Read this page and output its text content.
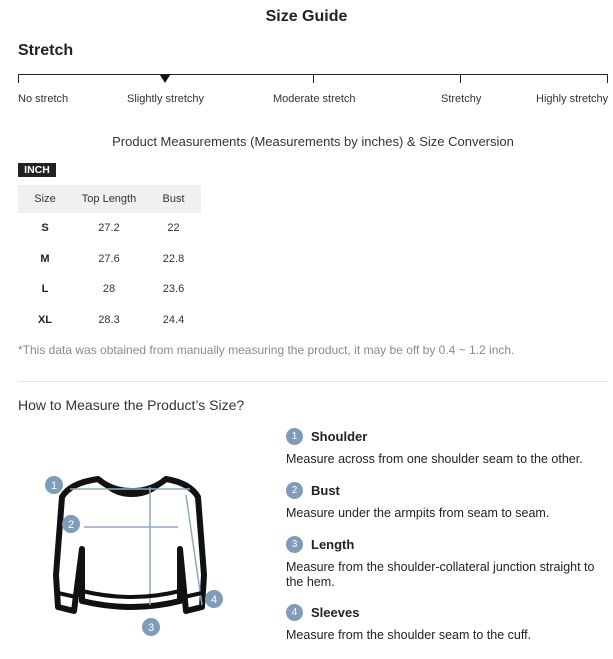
Size Guide
Stretch
No stretch	Slightly stretchy	Moderate stretch	Stretchy	Highly stretchy
Product Measurements (Measurements by inches) & Size Conversion
INCH
Size	Top Length	Bust
S	27.2	22
M	27.6	22.8
L	28	23.6
XL	28.3	24.4
*This data was obtained from manually measuring the product, it may be off by 0.4 ~ 1.2 inch.
How to Measure the Product’s Size?
1
2
3
4
1	Shoulder
Measure across from one shoulder seam to the other.
2	Bust
Measure under the armpits from seam to seam.
3	Length
Measure from the shoulder-collateral junction straight to the hem.
4	Sleeves
Measure from the shoulder seam to the cuff.
